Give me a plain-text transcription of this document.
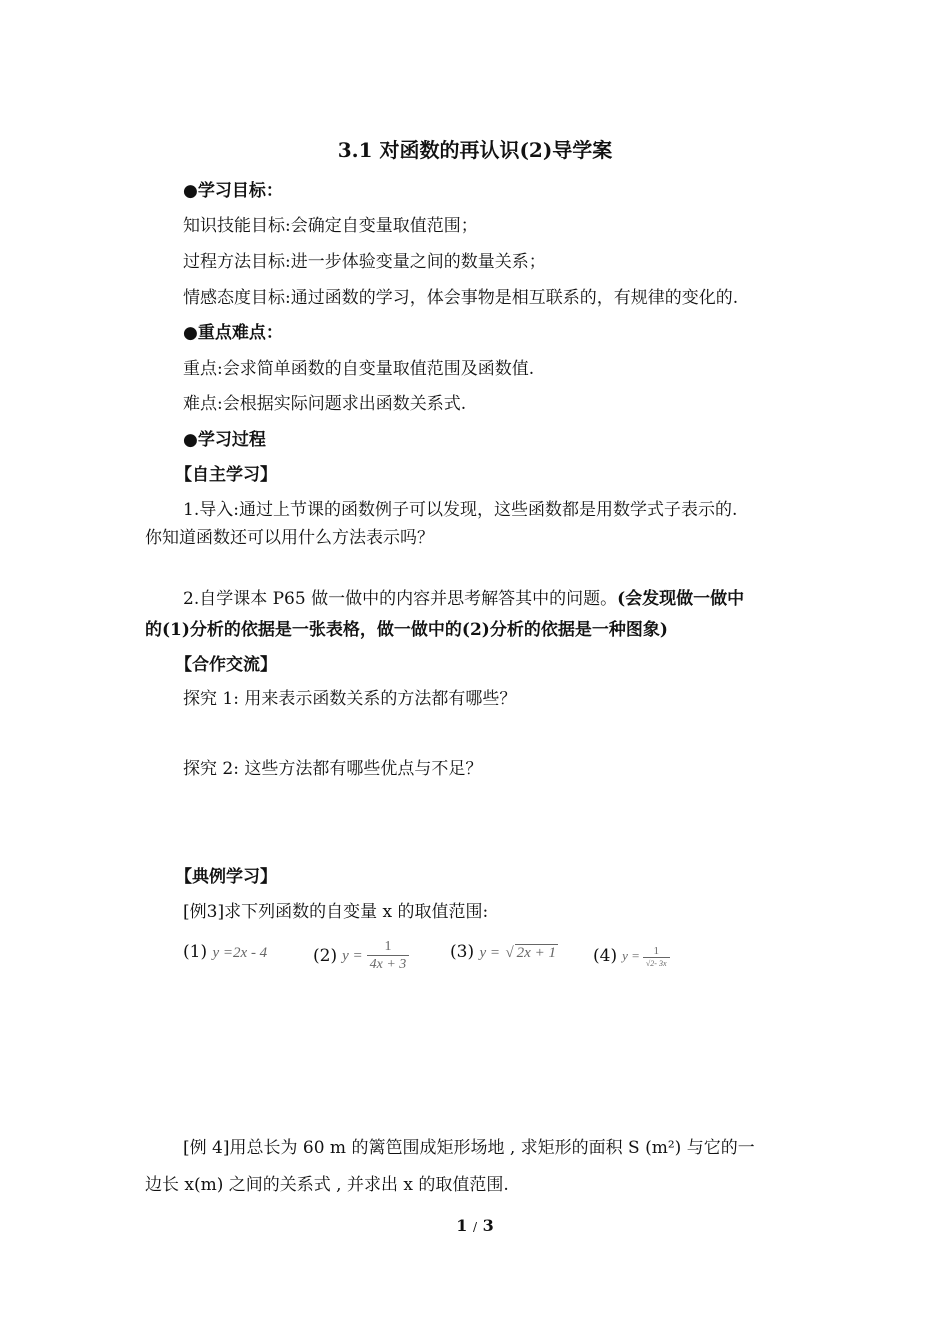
3.1 对函数的再认识(2)导学案
●学习目标：
知识技能目标:会确定自变量取值范围；
过程方法目标:进一步体验变量之间的数量关系；
情感态度目标:通过函数的学习，体会事物是相互联系的，有规律的变化的.
●重点难点：
重点:会求简单函数的自变量取值范围及函数值.
难点:会根据实际问题求出函数关系式.
●学习过程
【自主学习】
1.导入:通过上节课的函数例子可以发现，这些函数都是用数学式子表示的.
你知道函数还可以用什么方法表示吗？
2.自学课本 P65 做一做中的内容并思考解答其中的问题。(会发现做一做中
的(1)分析的依据是一张表格，做一做中的(2)分析的依据是一种图象)
【合作交流】
探究 1: 用来表示函数关系的方法都有哪些？
探究 2: 这些方法都有哪些优点与不足？
【典例学习】
[例3]求下列函数的自变量 x 的取值范围:
(1) y =2x - 4	(2) $y = \frac{1}{4x + 3} (3) y$ = √ 2x + 1 (4) $y = \frac{1}{√2- 3x}$
[例 4]用总长为 60 m 的篱笆围成矩形场地 , 求矩形的面积 S (m²) 与它的一
边长 x(m) 之间的关系式 , 并求出 x 的取值范围.
1 / 3
